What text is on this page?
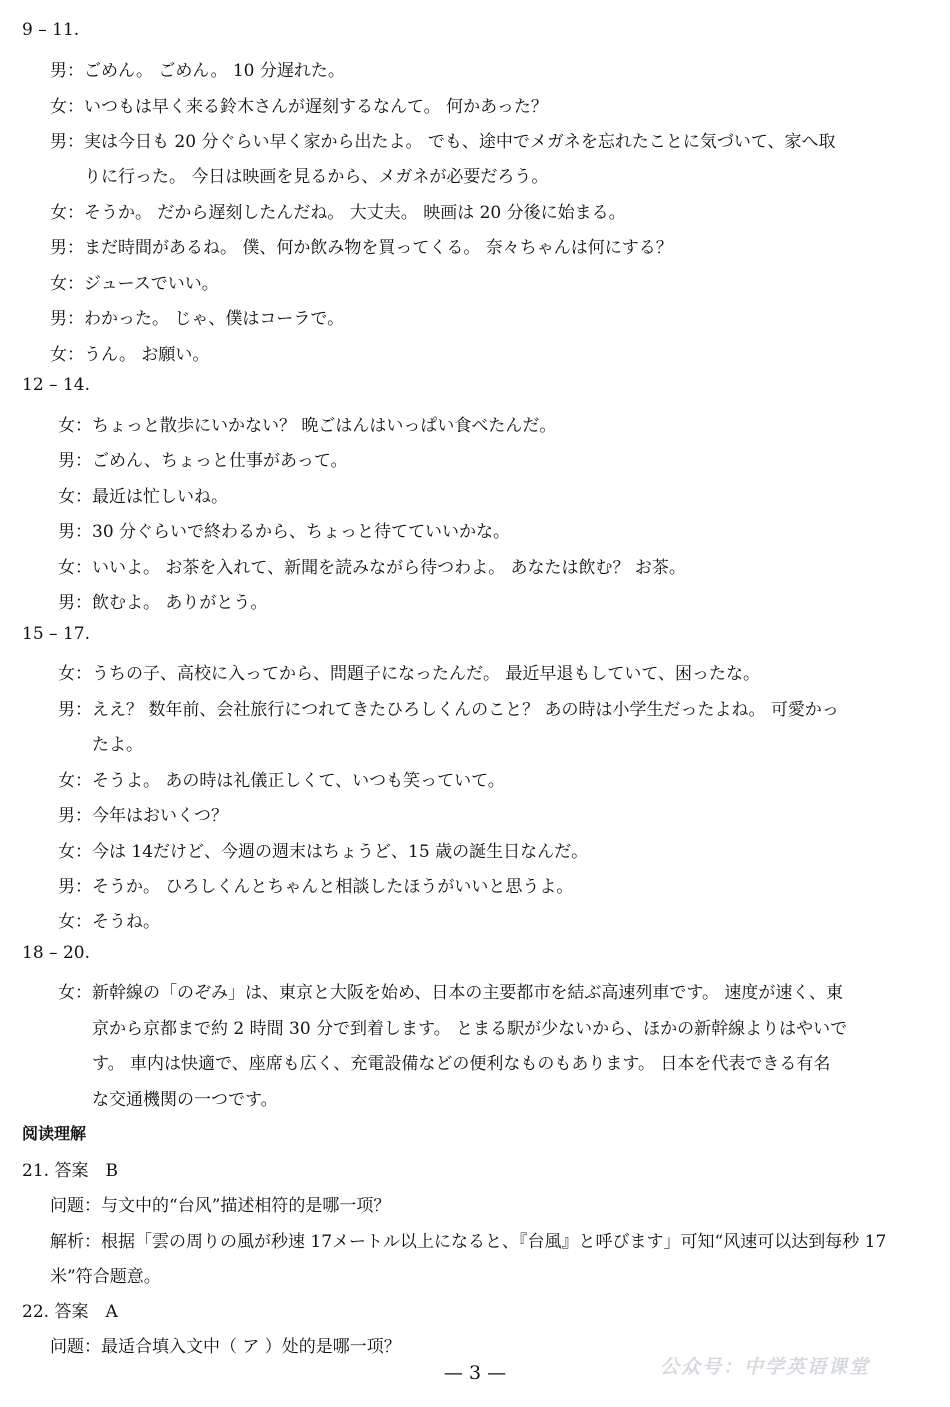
9 – 11.
男：ごめん。 ごめん。 10 分遅れた。
女：いつもは早く来る鈴木さんが遅刻するなんて。 何かあった？
男：実は今日も 20 分ぐらい早く家から出たよ。 でも、途中でメガネを忘れたことに気づいて、家へ取
りに行った。 今日は映画を見るから、メガネが必要だろう。
女：そうか。 だから遅刻したんだね。 大丈夫。 映画は 20 分後に始まる。
男：まだ時間があるね。 僕、何か飲み物を買ってくる。 奈々ちゃんは何にする？
女：ジュースでいい。
男：わかった。 じゃ、僕はコーラで。
女：うん。 お願い。
12 – 14.
女：ちょっと散歩にいかない？ 晩ごはんはいっぱい食べたんだ。
男：ごめん、ちょっと仕事があって。
女：最近は忙しいね。
男：30 分ぐらいで終わるから、ちょっと待てていいかな。
女：いいよ。 お茶を入れて、新聞を読みながら待つわよ。 あなたは飲む？ お茶。
男：飲むよ。 ありがとう。
15 – 17.
女：うちの子、高校に入ってから、問題子になったんだ。 最近早退もしていて、困ったな。
男：ええ？ 数年前、会社旅行につれてきたひろしくんのこと？ あの時は小学生だったよね。 可愛かっ
たよ。
女：そうよ。 あの時は礼儀正しくて、いつも笑っていて。
男：今年はおいくつ？
女：今は 14だけど、今週の週末はちょうど、15 歳の誕生日なんだ。
男：そうか。 ひろしくんとちゃんと相談したほうがいいと思うよ。
女：そうね。
18 – 20.
女：新幹線の「のぞみ」は、東京と大阪を始め、日本の主要都市を結ぶ高速列車です。 速度が速く、東
京から京都まで約 2 時間 30 分で到着します。 とまる駅が少ないから、ほかの新幹線よりはやいで
す。 車内は快適で、座席も広く、充電設備などの便利なものもあります。 日本を代表できる有名
な交通機関の一つです。
阅读理解
21. 答案　B
问题：与文中的“台风”描述相符的是哪一项？
解析：根据「雲の周りの風が秒速 17メートル以上になると、『台風』と呼びます」可知“风速可以达到每秒 17
米”符合题意。
22. 答案　A
问题：最适合填入文中（ ア ）处的是哪一项？
— 3 —	公众号：中学英语课堂
